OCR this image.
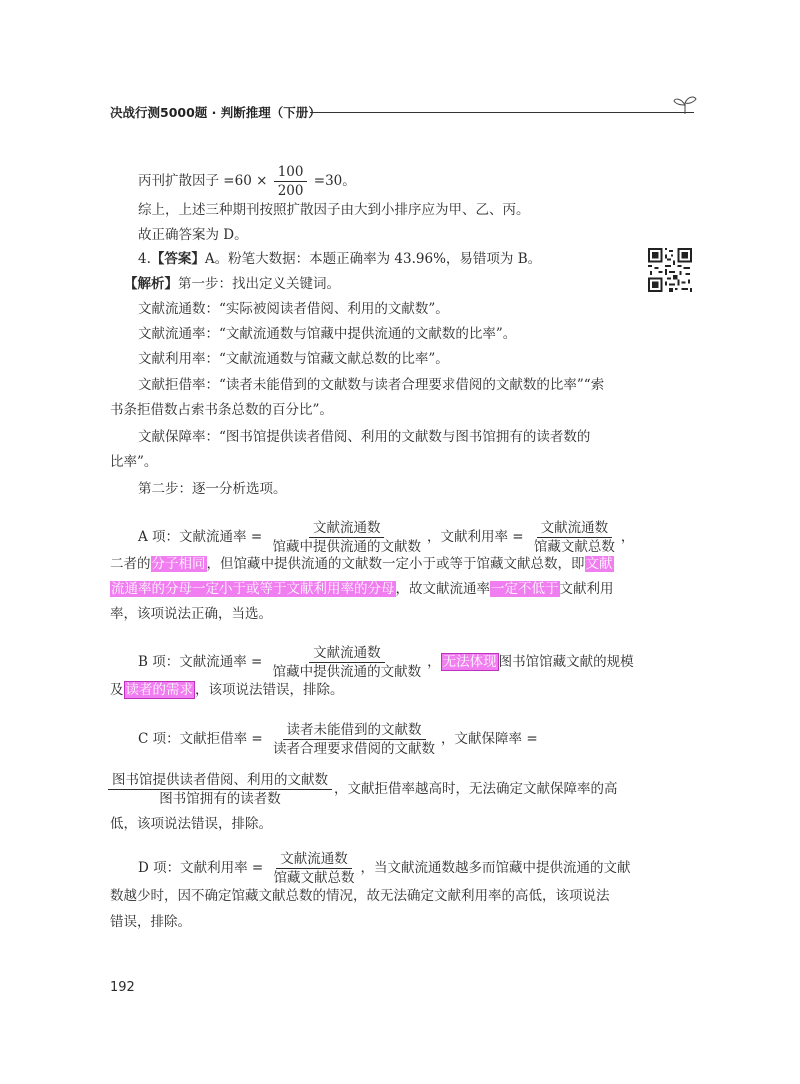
决战行测5000题 · 判断推理（下册）
丙刊扩散因子 $=60 \times \frac{100}{200} =30$。
综上，上述三种期刊按照扩散因子由大到小排序应为甲、乙、丙。
故正确答案为 D。
4.【答案】A。粉笔大数据：本题正确率为 43.96%，易错项为 B。
【解析】第一步：找出定义关键词。
文献流通数：“实际被阅读者借阅、利用的文献数”。
文献流通率：“文献流通数与馆藏中提供流通的文献数的比率”。
文献利用率：“文献流通数与馆藏文献总数的比率”。
文献拒借率：“读者未能借到的文献数与读者合理要求借阅的文献数的比率”“索
书条拒借数占索书条总数的百分比”。
文献保障率：“图书馆提供读者借阅、利用的文献数与图书馆拥有的读者数的
比率”。
第二步：逐一分析选项。
A 项：文献流通率 = $\frac{\text{文献流通数}}{\text{馆藏中提供流通的文献数}}$ ，文献利用率 = $\frac{\text{文献流通数}}{\text{馆藏文献总数}}$ ，
二者的分子相同，但馆藏中提供流通的文献数一定小于或等于馆藏文献总数，即文献
流通率的分母一定小于或等于文献利用率的分母，故文献流通率一定不低于文献利用
率，该项说法正确，当选。
B 项：文献流通率 = $\frac{\text{文献流通数}}{\text{馆藏中提供流通的文献数}}$ ， 无法体现 图书馆馆藏文献的规模
及 读者的需求 ，该项说法错误，排除。
C 项：文献拒借率 = $\frac{\text{读者未能借到的文献数}}{\text{读者合理要求借阅的文献数}}$ ，文献保障率 =
$\frac{\text{图书馆提供读者借阅、利用的文献数}}{\text{图书馆拥有的读者数}}$ ，文献拒借率越高时，无法确定文献保障率的高
低，该项说法错误，排除。
D 项：文献利用率 = $\frac{\text{文献流通数}}{\text{馆藏文献总数}}$ ，当文献流通数越多而馆藏中提供流通的文献
数越少时，因不确定馆藏文献总数的情况，故无法确定文献利用率的高低，该项说法
错误，排除。
192
